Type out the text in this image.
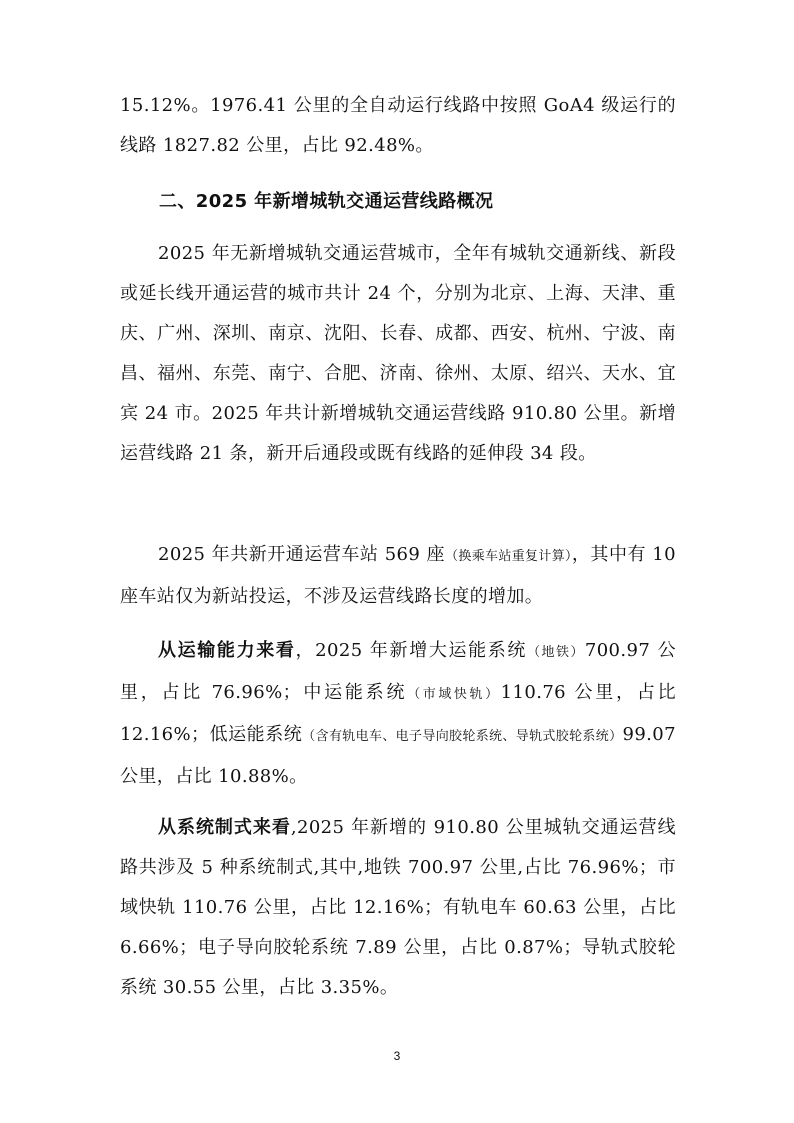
15.12%。1976.41 公里的全自动运行线路中按照 GoA4 级运行的线路 1827.82 公里，占比 92.48%。

二、2025 年新增城轨交通运营线路概况

2025 年无新增城轨交通运营城市，全年有城轨交通新线、新段或延长线开通运营的城市共计 24 个，分别为北京、上海、天津、重庆、广州、深圳、南京、沈阳、长春、成都、西安、杭州、宁波、南昌、福州、东莞、南宁、合肥、济南、徐州、太原、绍兴、天水、宜宾 24 市。2025 年共计新增城轨交通运营线路 910.80 公里。新增运营线路 21 条，新开后通段或既有线路的延伸段 34 段。

2025 年共新开通运营车站 569 座（换乘车站重复计算），其中有 10 座车站仅为新站投运，不涉及运营线路长度的增加。

从运输能力来看，2025 年新增大运能系统（地铁）700.97 公里，占比 76.96%；中运能系统（市域快轨）110.76 公里，占比 12.16%；低运能系统（含有轨电车、电子导向胶轮系统、导轨式胶轮系统）99.07 公里，占比 10.88%。

从系统制式来看,2025 年新增的 910.80 公里城轨交通运营线路共涉及 5 种系统制式,其中,地铁 700.97 公里,占比 76.96%；市域快轨 110.76 公里，占比 12.16%；有轨电车 60.63 公里，占比 6.66%；电子导向胶轮系统 7.89 公里，占比 0.87%；导轨式胶轮系统 30.55 公里，占比 3.35%。

3
